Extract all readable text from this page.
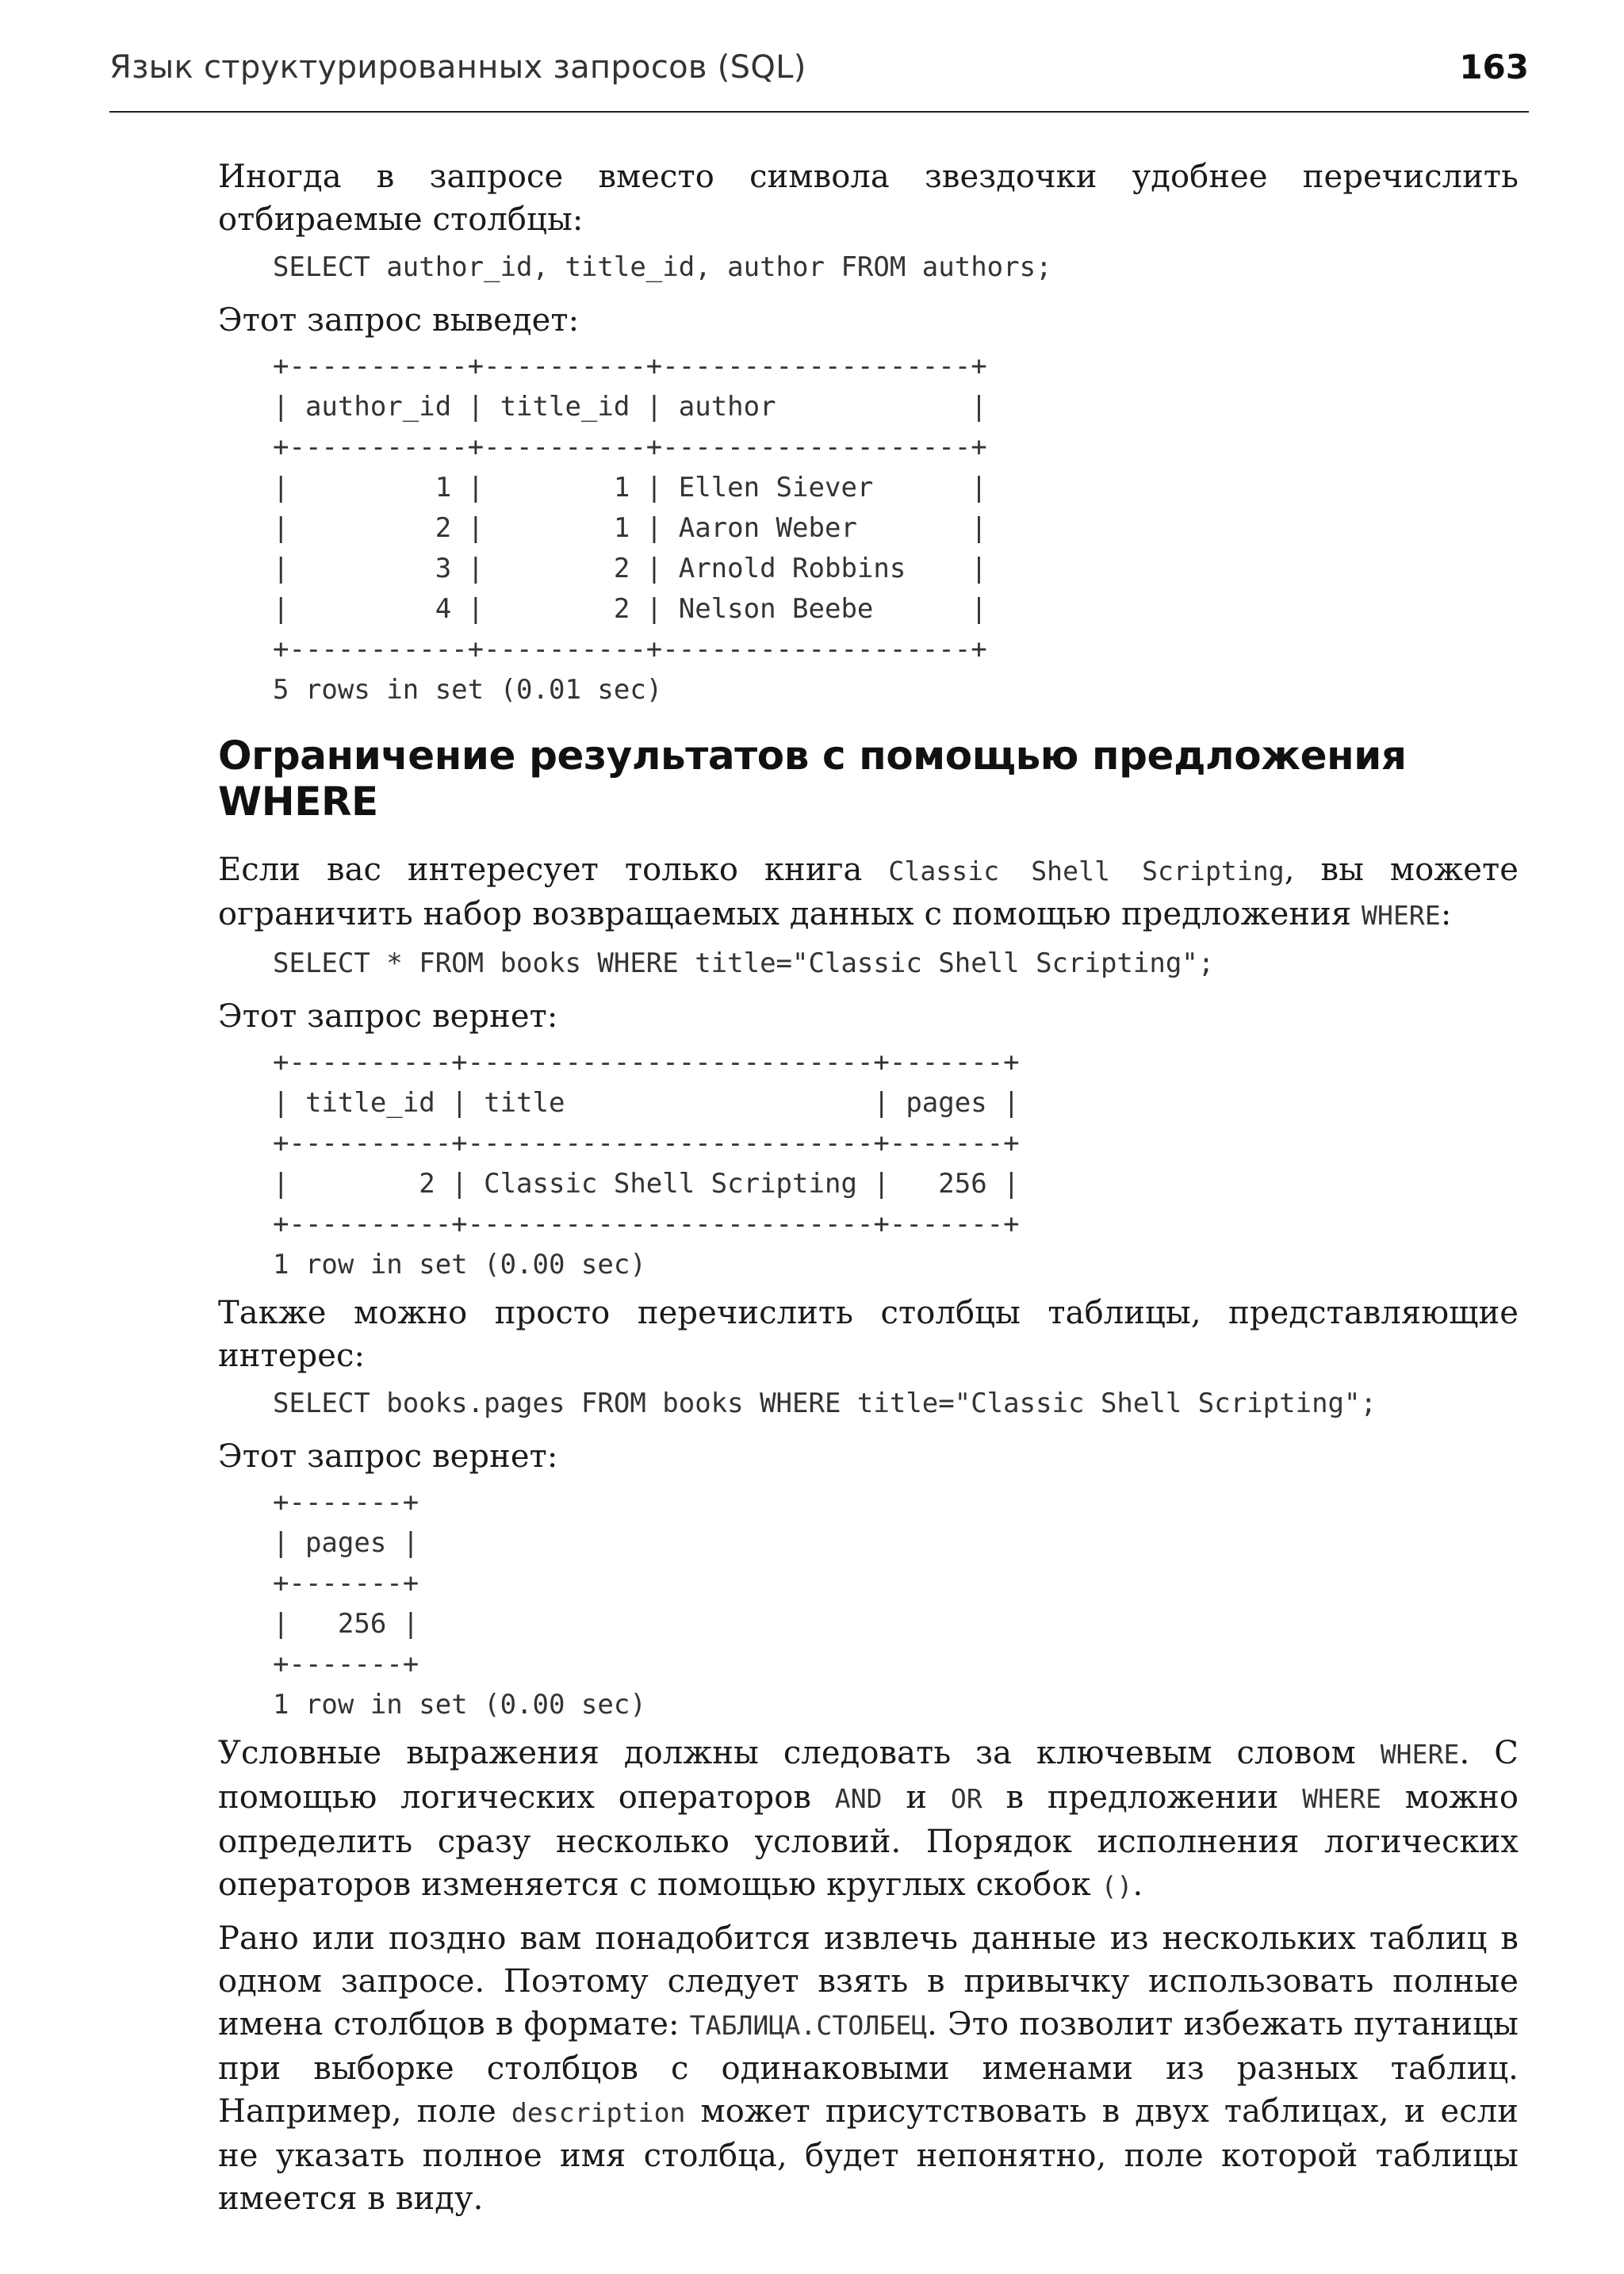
Язык структурированных запросов (SQL)	163

Иногда в запросе вместо символа звездочки удобнее перечислить отбираемые столбцы:

SELECT author_id, title_id, author FROM authors;

Этот запрос выведет:

+-----------+----------+-------------------+
| author_id | title_id | author            |
+-----------+----------+-------------------+
|         1 |        1 | Ellen Siever      |
|         2 |        1 | Aaron Weber       |
|         3 |        2 | Arnold Robbins    |
|         4 |        2 | Nelson Beebe      |
+-----------+----------+-------------------+
5 rows in set (0.01 sec)
Ограничение результатов с помощью предложения WHERE

Если вас интересует только книга Classic Shell Scripting, вы можете ограничить набор возвращаемых данных с помощью предложения WHERE:

SELECT * FROM books WHERE title="Classic Shell Scripting";

Этот запрос вернет:

+----------+-------------------------+-------+
| title_id | title                   | pages |
+----------+-------------------------+-------+
|        2 | Classic Shell Scripting |   256 |
+----------+-------------------------+-------+
1 row in set (0.00 sec)

Также можно просто перечислить столбцы таблицы, представляющие интерес:

SELECT books.pages FROM books WHERE title="Classic Shell Scripting";

Этот запрос вернет:

+-------+
| pages |
+-------+
|   256 |
+-------+
1 row in set (0.00 sec)

Условные выражения должны следовать за ключевым словом WHERE. С помощью логических операторов AND и OR в предложении WHERE можно определить сразу несколько условий. Порядок исполнения логических операторов изменяется с помощью круглых скобок ().

Рано или поздно вам понадобится извлечь данные из нескольких таблиц в одном запросе. Поэтому следует взять в привычку использовать полные имена столбцов в формате: ТАБЛИЦА.СТОЛБЕЦ. Это позволит избежать путаницы при выборке столбцов с одинаковыми именами из разных таблиц. Например, поле description может присутствовать в двух таблицах, и если не указать полное имя столбца, будет непонятно, поле которой таблицы имеется в виду.
